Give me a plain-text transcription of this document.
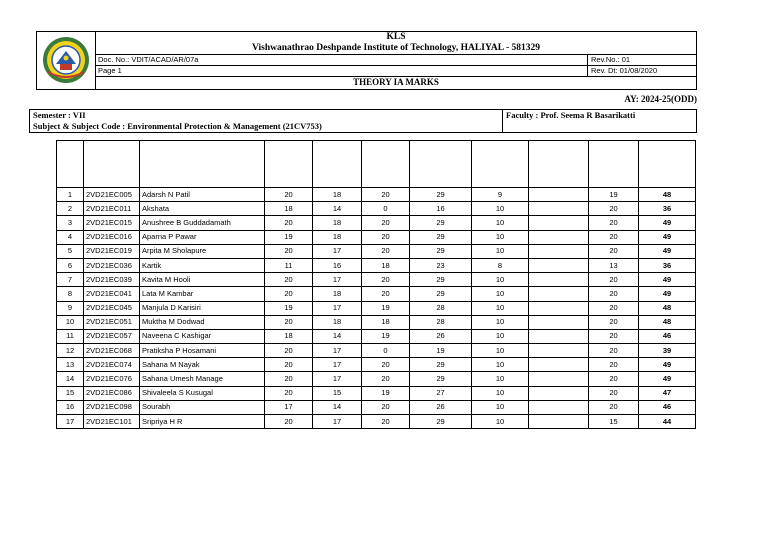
KLS
Vishwanathrao Deshpande Institute of Technology, HALIYAL - 581329
Doc. No.: VDIT/ACAD/AR/07a
Page 1
Rev.No.: 01
Rev. Dt: 01/08/2020
THEORY IA MARKS
AY: 2024-25(ODD)
Semester : VII
Subject & Subject Code : Environmental Protection & Management (21CV753)
Faculty : Prof. Seema R Basarikatti

1	2VD21EC005	Adarsh N Patil	20	18	20	29	9		19	48
2	2VD21EC011	Akshata	18	14	0	16	10		20	36
3	2VD21EC015	Anushree B Guddadamath	20	18	20	29	10		20	49
4	2VD21EC016	Aparna P Pawar	19	18	20	29	10		20	49
5	2VD21EC019	Arpita M Sholapure	20	17	20	29	10		20	49
6	2VD21EC036	Kartik	11	16	18	23	8		13	36
7	2VD21EC039	Kavita M Hooli	20	17	20	29	10		20	49
8	2VD21EC041	Lata M Kambar	20	18	20	29	10		20	49
9	2VD21EC045	Manjula D Karisiri	19	17	19	28	10		20	48
10	2VD21EC051	Muktha M Dodwad	20	18	18	28	10		20	48
11	2VD21EC057	Naveena C Kashigar	18	14	19	26	10		20	46
12	2VD21EC068	Pratiksha P Hosamani	20	17	0	19	10		20	39
13	2VD21EC074	Sahana M Nayak	20	17	20	29	10		20	49
14	2VD21EC076	Sahana Umesh Manage	20	17	20	29	10		20	49
15	2VD21EC086	Shivaleela S Kusugal	20	15	19	27	10		20	47
16	2VD21EC098	Sourabh	17	14	20	26	10		20	46
17	2VD21EC101	Sripriya H R	20	17	20	29	10		15	44
